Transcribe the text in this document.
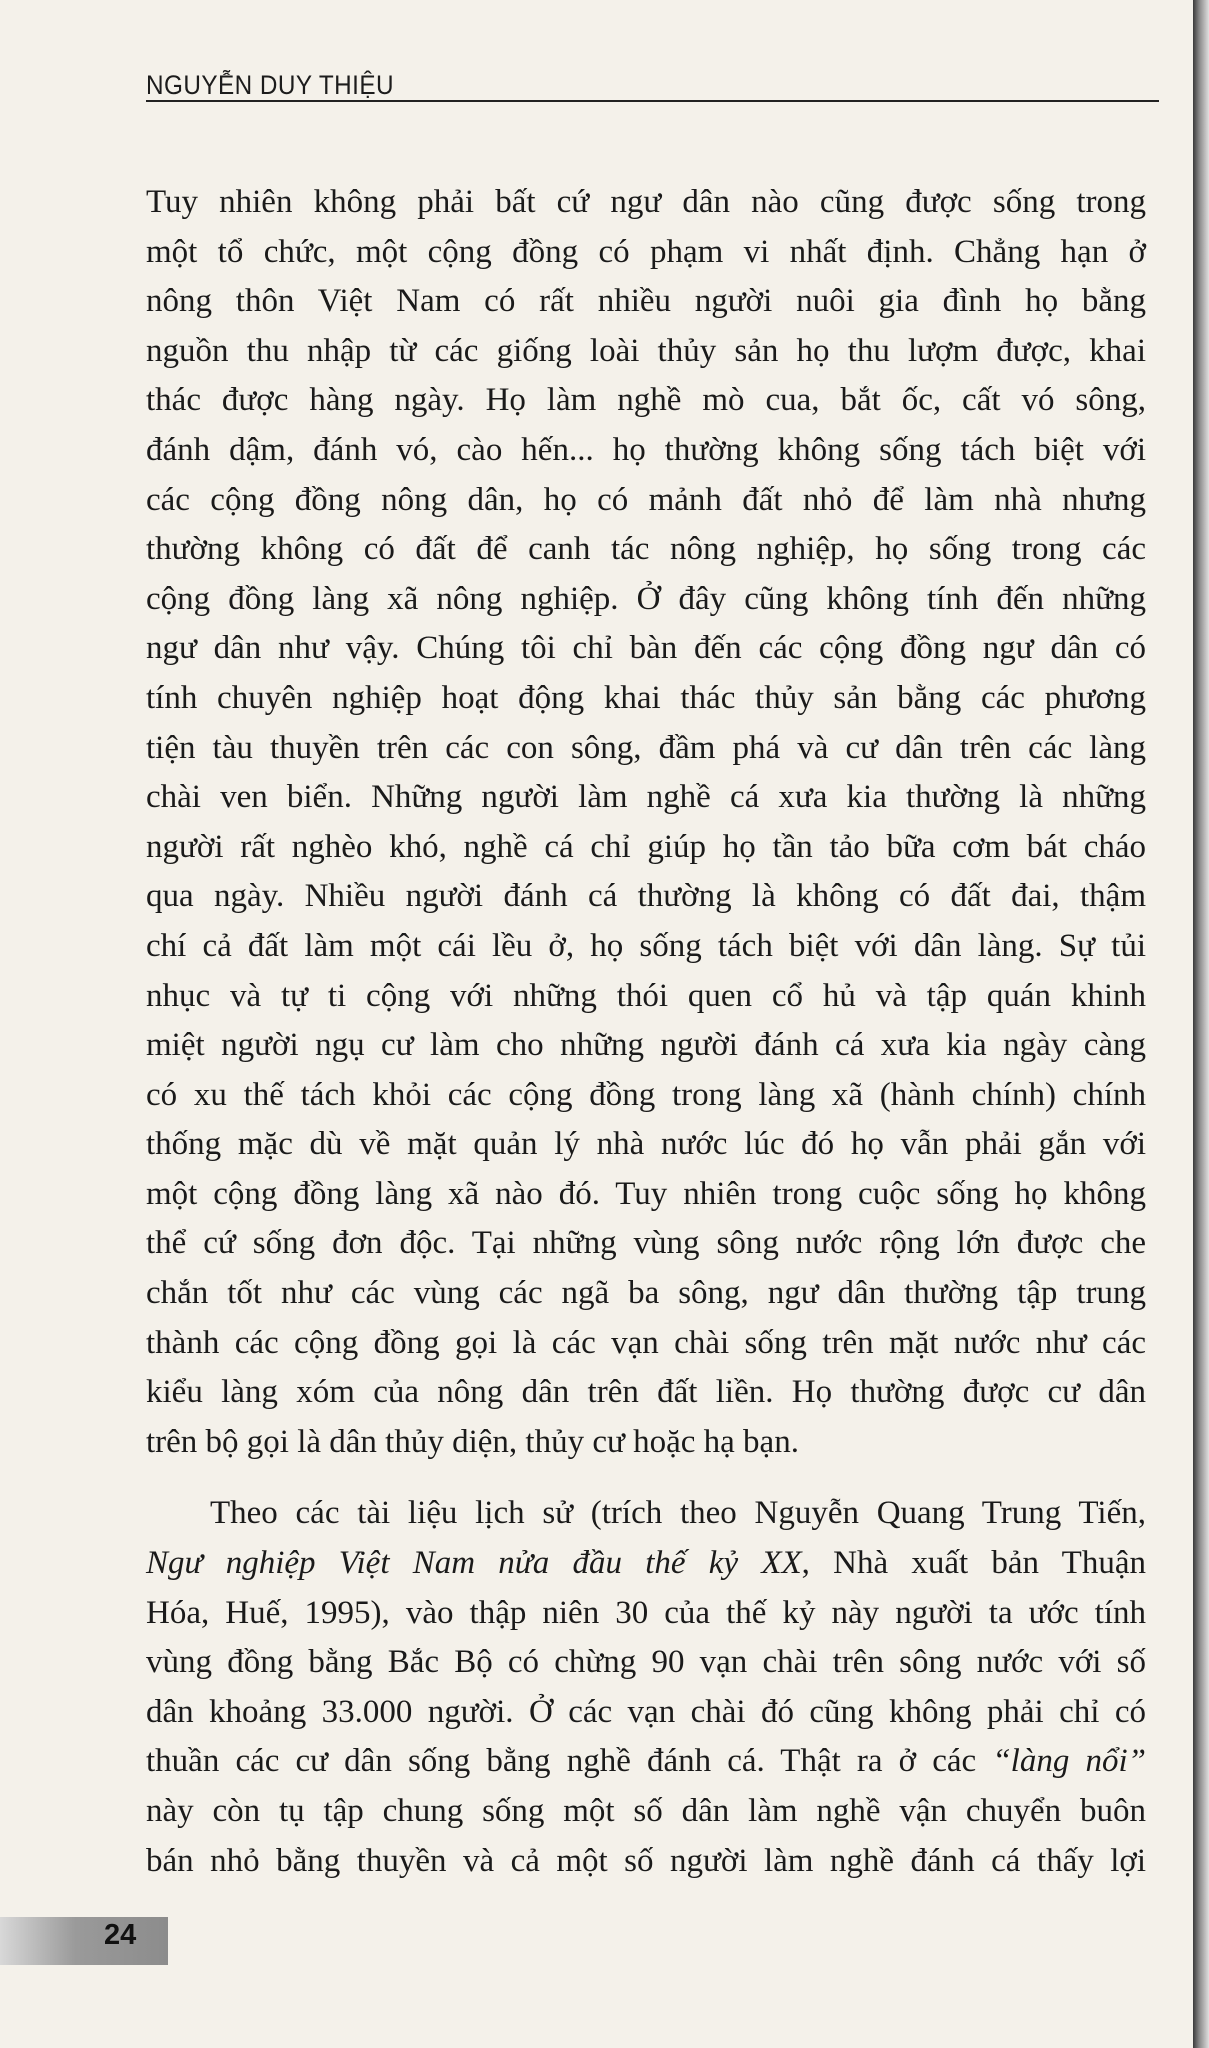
NGUYỄN DUY THIỆU
Tuy nhiên không phải bất cứ ngư dân nào cũng được sống trong
một tổ chức, một cộng đồng có phạm vi nhất định. Chẳng hạn ở
nông thôn Việt Nam có rất nhiều người nuôi gia đình họ bằng
nguồn thu nhập từ các giống loài thủy sản họ thu lượm được, khai
thác được hàng ngày. Họ làm nghề mò cua, bắt ốc, cất vó sông,
đánh dậm, đánh vó, cào hến... họ thường không sống tách biệt với
các cộng đồng nông dân, họ có mảnh đất nhỏ để làm nhà nhưng
thường không có đất để canh tác nông nghiệp, họ sống trong các
cộng đồng làng xã nông nghiệp. Ở đây cũng không tính đến những
ngư dân như vậy. Chúng tôi chỉ bàn đến các cộng đồng ngư dân có
tính chuyên nghiệp hoạt động khai thác thủy sản bằng các phương
tiện tàu thuyền trên các con sông, đầm phá và cư dân trên các làng
chài ven biển. Những người làm nghề cá xưa kia thường là những
người rất nghèo khó, nghề cá chỉ giúp họ tần tảo bữa cơm bát cháo
qua ngày. Nhiều người đánh cá thường là không có đất đai, thậm
chí cả đất làm một cái lều ở, họ sống tách biệt với dân làng. Sự tủi
nhục và tự ti cộng với những thói quen cổ hủ và tập quán khinh
miệt người ngụ cư làm cho những người đánh cá xưa kia ngày càng
có xu thế tách khỏi các cộng đồng trong làng xã (hành chính) chính
thống mặc dù về mặt quản lý nhà nước lúc đó họ vẫn phải gắn với
một cộng đồng làng xã nào đó. Tuy nhiên trong cuộc sống họ không
thể cứ sống đơn độc. Tại những vùng sông nước rộng lớn được che
chắn tốt như các vùng các ngã ba sông, ngư dân thường tập trung
thành các cộng đồng gọi là các vạn chài sống trên mặt nước như các
kiểu làng xóm của nông dân trên đất liền. Họ thường được cư dân
trên bộ gọi là dân thủy diện, thủy cư hoặc hạ bạn.
Theo các tài liệu lịch sử (trích theo Nguyễn Quang Trung Tiến,
Ngư nghiệp Việt Nam nửa đầu thế kỷ XX, Nhà xuất bản Thuận
Hóa, Huế, 1995), vào thập niên 30 của thế kỷ này người ta ước tính
vùng đồng bằng Bắc Bộ có chừng 90 vạn chài trên sông nước với số
dân khoảng 33.000 người. Ở các vạn chài đó cũng không phải chỉ có
thuần các cư dân sống bằng nghề đánh cá. Thật ra ở các “làng nổi”
này còn tụ tập chung sống một số dân làm nghề vận chuyển buôn
bán nhỏ bằng thuyền và cả một số người làm nghề đánh cá thấy lợi
24
